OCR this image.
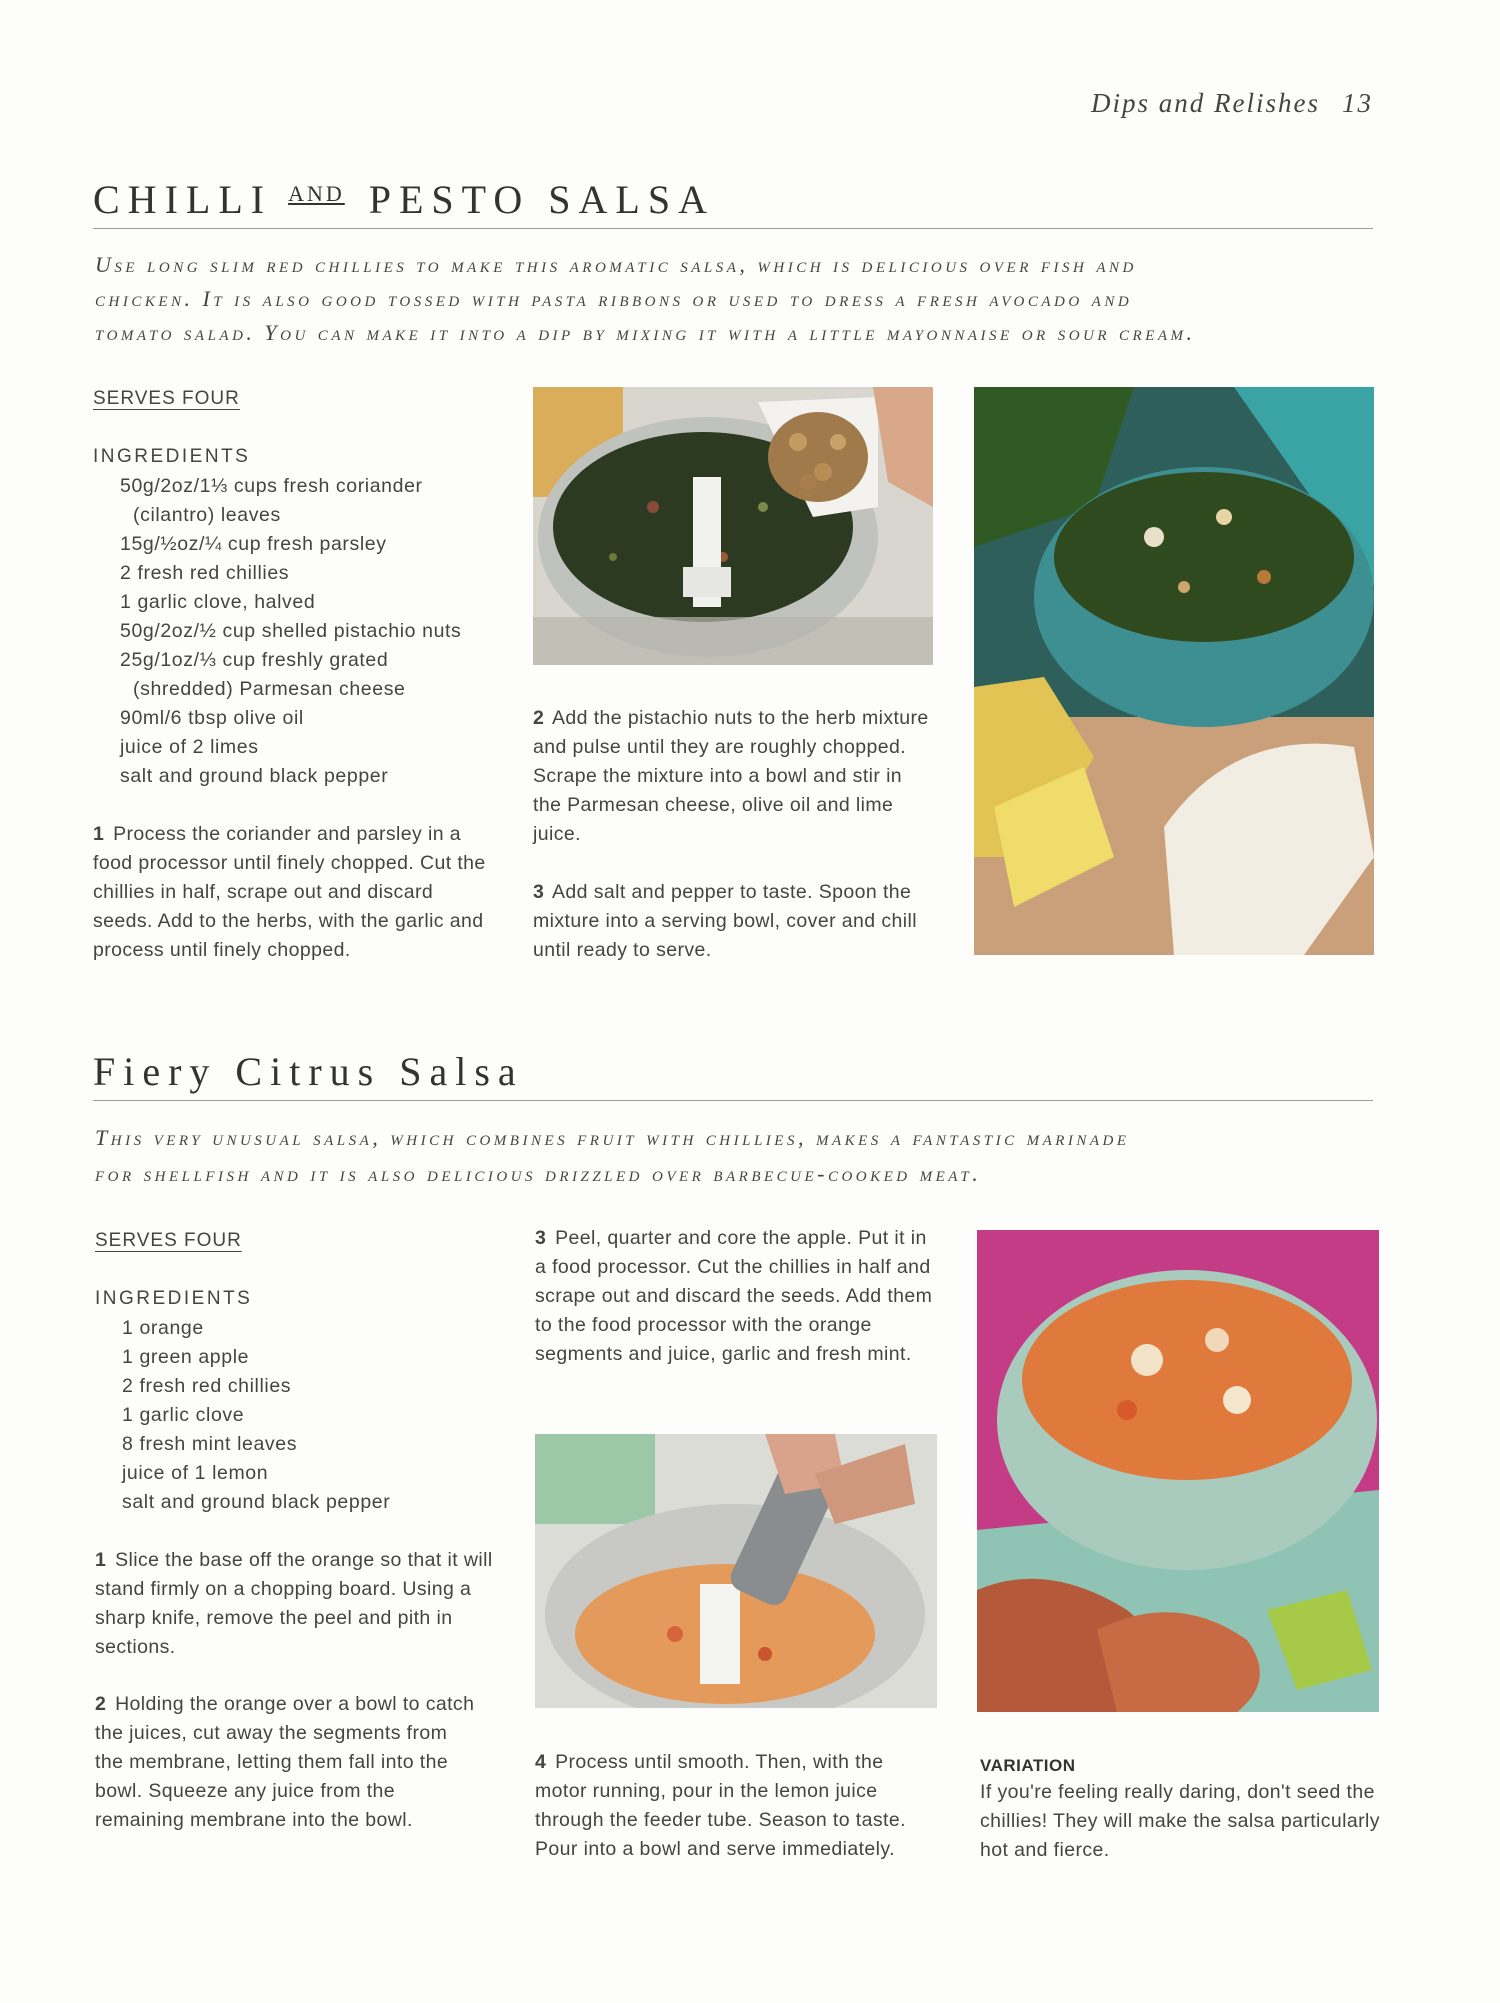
Dips and Relishes 13
CHILLI $^{AND}$ PESTO SALSA
Use long slim red chillies to make this aromatic salsa, which is delicious over fish and
chicken. It is also good tossed with pasta ribbons or used to dress a fresh avocado and
tomato salad. You can make it into a dip by mixing it with a little mayonnaise or sour cream.
SERVES FOUR
INGREDIENTS
50g/2oz/1⅓ cups fresh coriander
(cilantro) leaves
15g/½oz/¼ cup fresh parsley
2 fresh red chillies
1 garlic clove, halved
50g/2oz/½ cup shelled pistachio nuts
25g/1oz/⅓ cup freshly grated
(shredded) Parmesan cheese
90ml/6 tbsp olive oil
juice of 2 limes
salt and ground black pepper
1 Process the coriander and parsley in a food processor until finely chopped. Cut the chillies in half, scrape out and discard seeds. Add to the herbs, with the garlic and process until finely chopped.
2 Add the pistachio nuts to the herb mixture and pulse until they are roughly chopped. Scrape the mixture into a bowl and stir in the Parmesan cheese, olive oil and lime juice.
3 Add salt and pepper to taste. Spoon the mixture into a serving bowl, cover and chill until ready to serve.
Fiery Citrus Salsa
This very unusual salsa, which combines fruit with chillies, makes a fantastic marinade
for shellfish and it is also delicious drizzled over barbecue-cooked meat.
SERVES FOUR
INGREDIENTS
1 orange
1 green apple
2 fresh red chillies
1 garlic clove
8 fresh mint leaves
juice of 1 lemon
salt and ground black pepper
1 Slice the base off the orange so that it will stand firmly on a chopping board. Using a sharp knife, remove the peel and pith in sections.
2 Holding the orange over a bowl to catch the juices, cut away the segments from the membrane, letting them fall into the bowl. Squeeze any juice from the remaining membrane into the bowl.
3 Peel, quarter and core the apple. Put it in a food processor. Cut the chillies in half and scrape out and discard the seeds. Add them to the food processor with the orange segments and juice, garlic and fresh mint.
4 Process until smooth. Then, with the motor running, pour in the lemon juice through the feeder tube. Season to taste. Pour into a bowl and serve immediately.
VARIATION
If you're feeling really daring, don't seed the chillies! They will make the salsa particularly hot and fierce.
